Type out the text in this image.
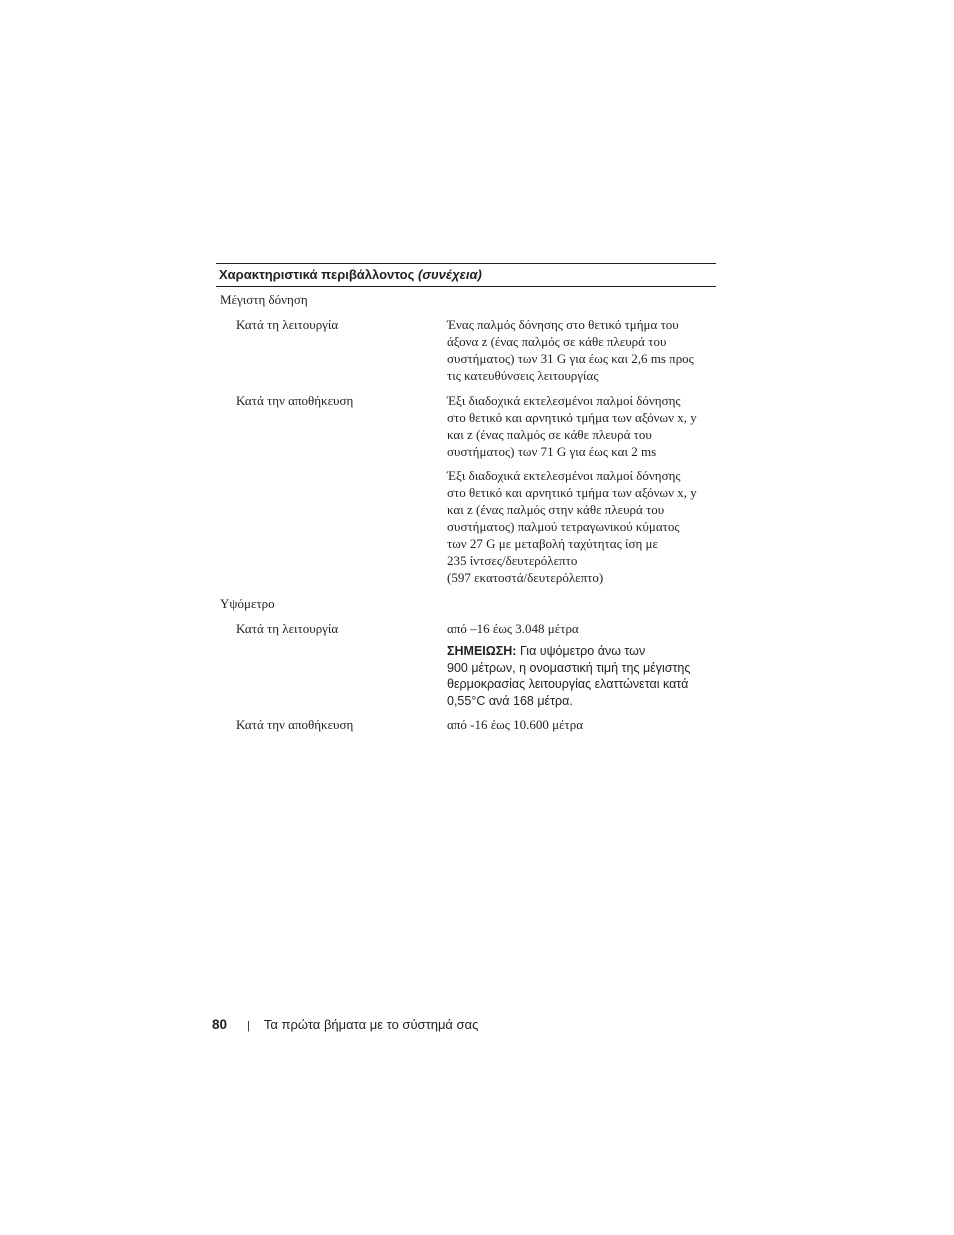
Χαρακτηριστικά περιβάλλοντος (συνέχεια)
Μέγιστη δόνηση
Κατά τη λειτουργία	Ένας παλμός δόνησης στο θετικό τμήμα του
άξονα z (ένας παλμός σε κάθε πλευρά του
συστήματος) των 31 G για έως και 2,6 ms προς
τις κατευθύνσεις λειτουργίας
Κατά την αποθήκευση	Έξι διαδοχικά εκτελεσμένοι παλμοί δόνησης
στο θετικό και αρνητικό τμήμα των αξόνων x, y
και z (ένας παλμός σε κάθε πλευρά του
συστήματος) των 71 G για έως και 2 ms
Έξι διαδοχικά εκτελεσμένοι παλμοί δόνησης
στο θετικό και αρνητικό τμήμα των αξόνων x, y
και z (ένας παλμός στην κάθε πλευρά του
συστήματος) παλμού τετραγωνικού κύματος
των 27 G με μεταβολή ταχύτητας ίση με
235 ίντσες/δευτερόλεπτο
(597 εκατοστά/δευτερόλεπτο)
Υψόμετρο
Κατά τη λειτουργία	από –16 έως 3.048 μέτρα
ΣΗΜΕΙΩΣΗ: Για υψόμετρο άνω των
900 μέτρων, η ονομαστική τιμή της μέγιστης
θερμοκρασίας λειτουργίας ελαττώνεται κατά
0,55°C ανά 168 μέτρα.
Κατά την αποθήκευση	από -16 έως 10.600 μέτρα
80 | Τα πρώτα βήματα με το σύστημά σας
